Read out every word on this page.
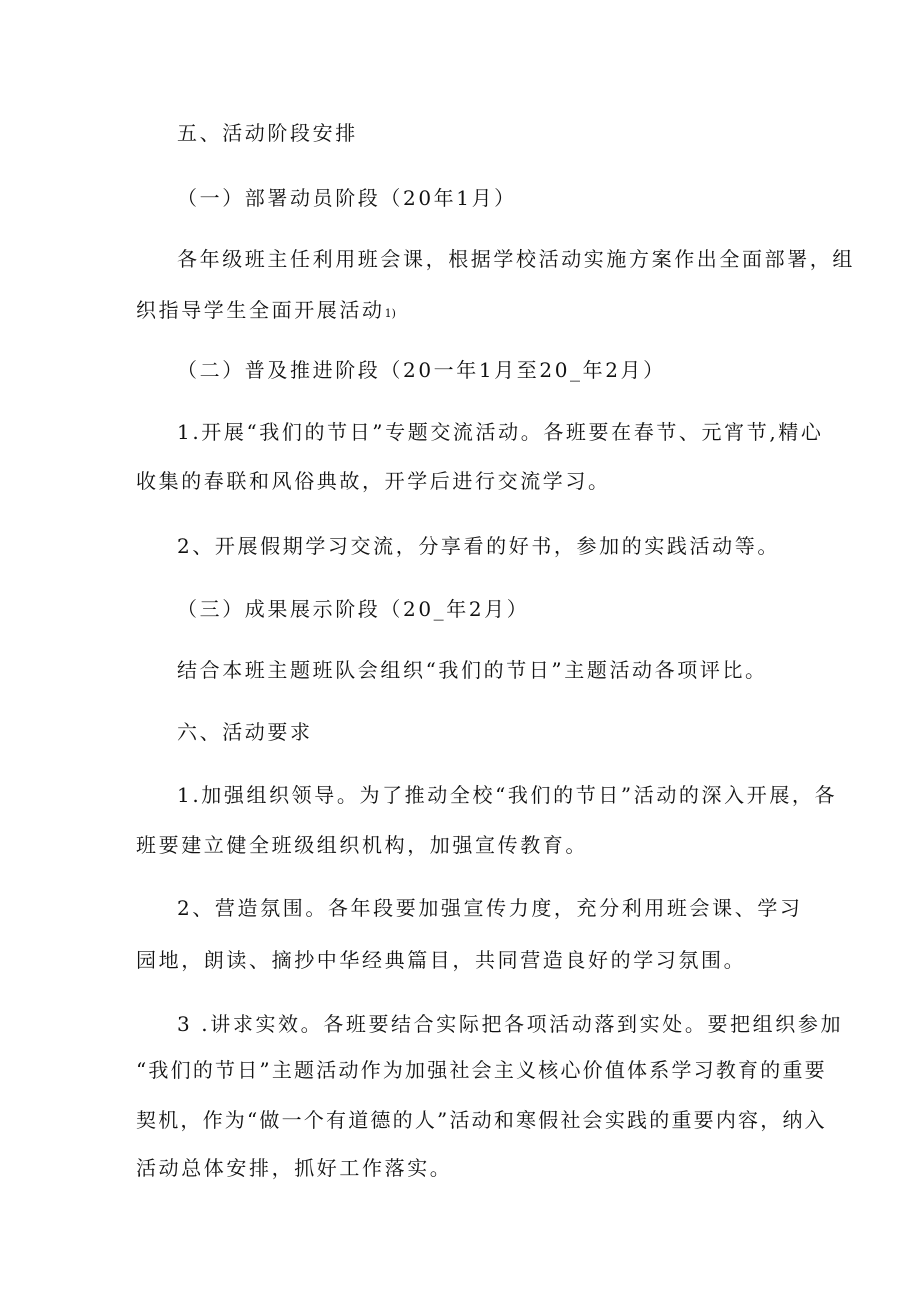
五、活动阶段安排
（一）部署动员阶段（20年1月）
各年级班主任利用班会课，根据学校活动实施方案作出全面部署，组
织指导学生全面开展活动1)
（二）普及推进阶段（20一年1月至20_年2月）
1.开展“我们的节日”专题交流活动。各班要在春节、元宵节,精心
收集的春联和风俗典故，开学后进行交流学习。
2、开展假期学习交流，分享看的好书，参加的实践活动等。
（三）成果展示阶段（20_年2月）
结合本班主题班队会组织“我们的节日”主题活动各项评比。
六、活动要求
1.加强组织领导。为了推动全校“我们的节日”活动的深入开展，各
班要建立健全班级组织机构，加强宣传教育。
2、营造氛围。各年段要加强宣传力度，充分利用班会课、学习
园地，朗读、摘抄中华经典篇目，共同营造良好的学习氛围。
3 .讲求实效。各班要结合实际把各项活动落到实处。要把组织参加
“我们的节日”主题活动作为加强社会主义核心价值体系学习教育的重要
契机，作为“做一个有道德的人”活动和寒假社会实践的重要内容，纳入
活动总体安排，抓好工作落实。
